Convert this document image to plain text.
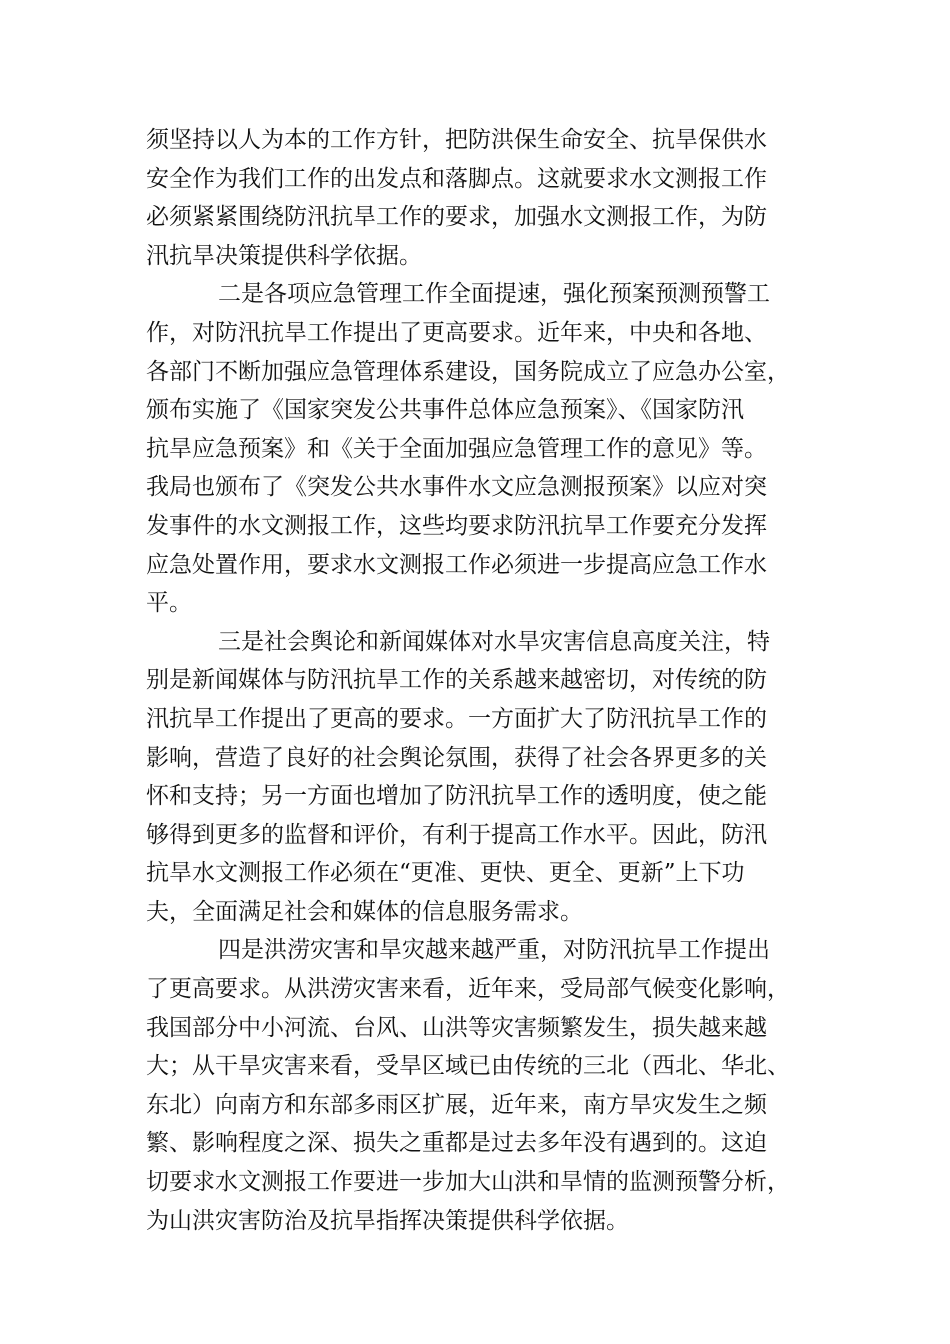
须坚持以人为本的工作方针，把防洪保生命安全、抗旱保供水
安全作为我们工作的出发点和落脚点。这就要求水文测报工作
必须紧紧围绕防汛抗旱工作的要求，加强水文测报工作，为防
汛抗旱决策提供科学依据。
二是各项应急管理工作全面提速，强化预案预测预警工
作，对防汛抗旱工作提出了更高要求。近年来，中央和各地、
各部门不断加强应急管理体系建设，国务院成立了应急办公室，
颁布实施了《国家突发公共事件总体应急预案》、《国家防汛
抗旱应急预案》和《关于全面加强应急管理工作的意见》等。
我局也颁布了《突发公共水事件水文应急测报预案》以应对突
发事件的水文测报工作，这些均要求防汛抗旱工作要充分发挥
应急处置作用，要求水文测报工作必须进一步提高应急工作水
平。
三是社会舆论和新闻媒体对水旱灾害信息高度关注，特
别是新闻媒体与防汛抗旱工作的关系越来越密切，对传统的防
汛抗旱工作提出了更高的要求。一方面扩大了防汛抗旱工作的
影响，营造了良好的社会舆论氛围，获得了社会各界更多的关
怀和支持；另一方面也增加了防汛抗旱工作的透明度，使之能
够得到更多的监督和评价，有利于提高工作水平。因此，防汛
抗旱水文测报工作必须在“更准、更快、更全、更新”上下功
夫，全面满足社会和媒体的信息服务需求。
四是洪涝灾害和旱灾越来越严重，对防汛抗旱工作提出
了更高要求。从洪涝灾害来看，近年来，受局部气候变化影响，
我国部分中小河流、台风、山洪等灾害频繁发生，损失越来越
大；从干旱灾害来看，受旱区域已由传统的三北（西北、华北、
东北）向南方和东部多雨区扩展，近年来，南方旱灾发生之频
繁、影响程度之深、损失之重都是过去多年没有遇到的。这迫
切要求水文测报工作要进一步加大山洪和旱情的监测预警分析，
为山洪灾害防治及抗旱指挥决策提供科学依据。
